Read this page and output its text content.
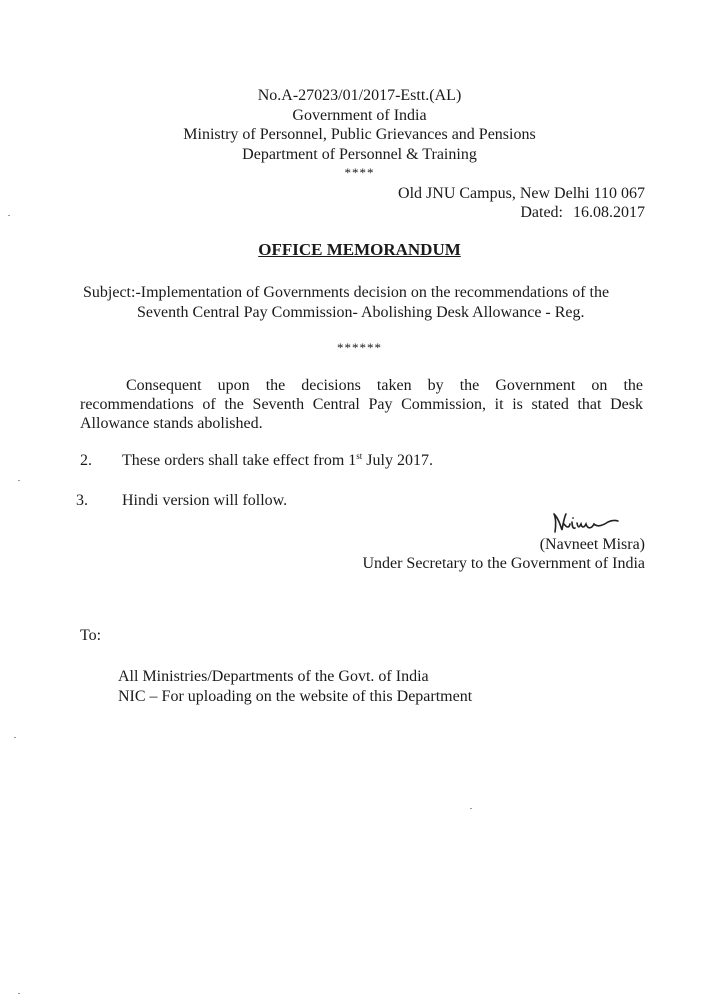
No.A-27023/01/2017-Estt.(AL)
Government of India
Ministry of Personnel, Public Grievances and Pensions
Department of Personnel & Training
****
Old JNU Campus, New Delhi 110 067
Dated: 16.08.2017
OFFICE MEMORANDUM
Subject:-Implementation of Governments decision on the recommendations of the
Seventh Central Pay Commission- Abolishing Desk Allowance - Reg.
******
Consequent upon the decisions taken by the Government on the
recommendations of the Seventh Central Pay Commission, it is stated that Desk
Allowance stands abolished.
2. These orders shall take effect from 1st July 2017.
3. Hindi version will follow.
(Navneet Misra)
Under Secretary to the Government of India
To:
All Ministries/Departments of the Govt. of India
NIC – For uploading on the website of this Department
